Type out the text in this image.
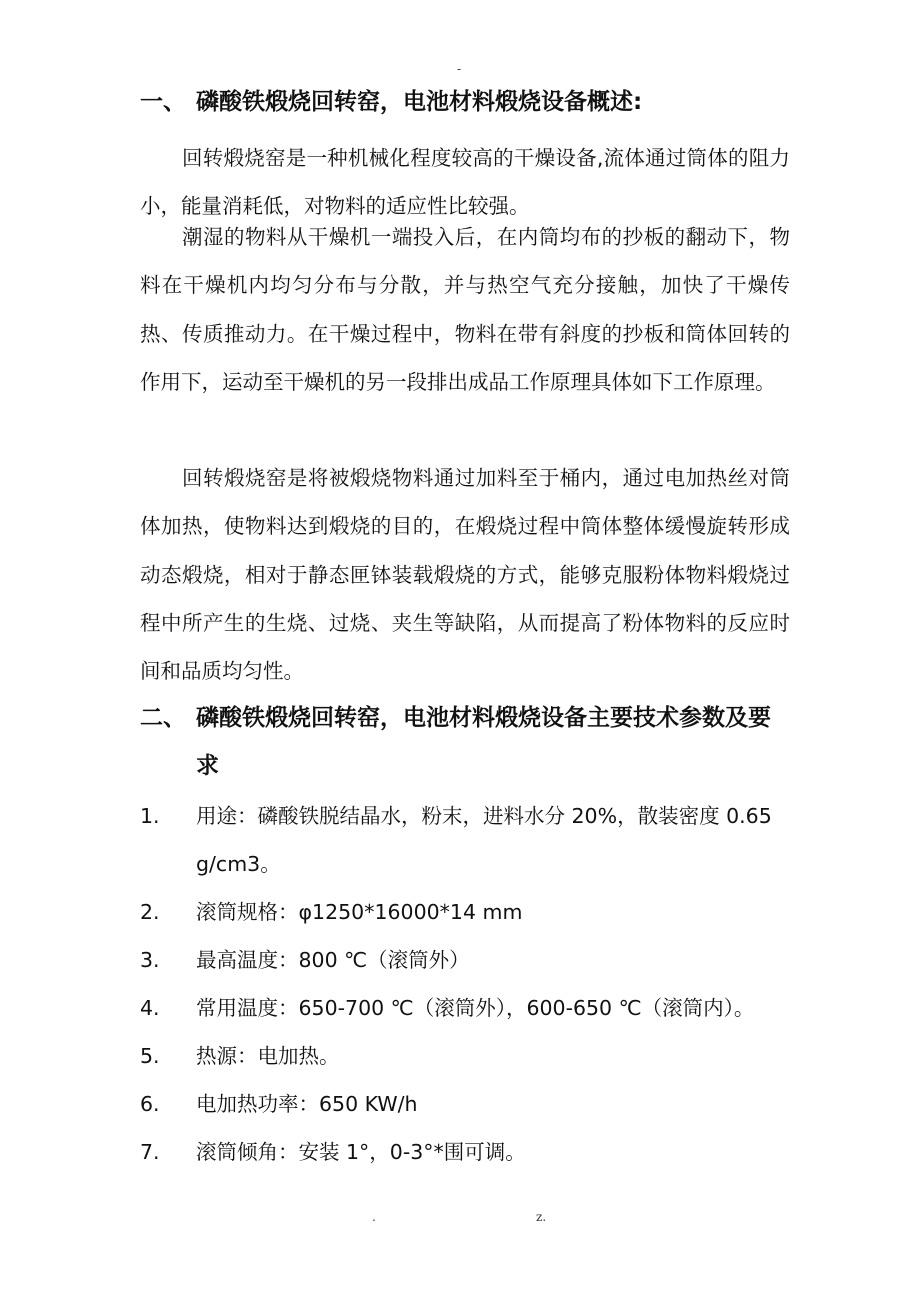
-
一、 磷酸铁煅烧回转窑，电池材料煅烧设备概述:
回转煅烧窑是一种机械化程度较高的干燥设备,流体通过筒体的阻力小，能量消耗低，对物料的适应性比较强。
潮湿的物料从干燥机一端投入后，在内筒均布的抄板的翻动下，物料在干燥机内均匀分布与分散，并与热空气充分接触，加快了干燥传热、传质推动力。在干燥过程中，物料在带有斜度的抄板和筒体回转的作用下，运动至干燥机的另一段排出成品工作原理具体如下工作原理。
回转煅烧窑是将被煅烧物料通过加料至于桶内，通过电加热丝对筒体加热，使物料达到煅烧的目的，在煅烧过程中筒体整体缓慢旋转形成动态煅烧，相对于静态匣钵装载煅烧的方式，能够克服粉体物料煅烧过程中所产生的生烧、过烧、夹生等缺陷，从而提高了粉体物料的反应时间和品质均匀性。
二、 磷酸铁煅烧回转窑，电池材料煅烧设备主要技术参数及要求
1.	用途：磷酸铁脱结晶水，粉末，进料水分 20%，散装密度 0.65 g/cm3。
2.	滚筒规格：φ1250*16000*14 mm
3.	最高温度：800 ℃（滚筒外）
4.	常用温度：650-700 ℃（滚筒外），600-650 ℃（滚筒内）。
5.	热源：电加热。
6.	电加热功率：650 KW/h
7.	滚筒倾角：安装 1°，0-3°*围可调。
.	z.
